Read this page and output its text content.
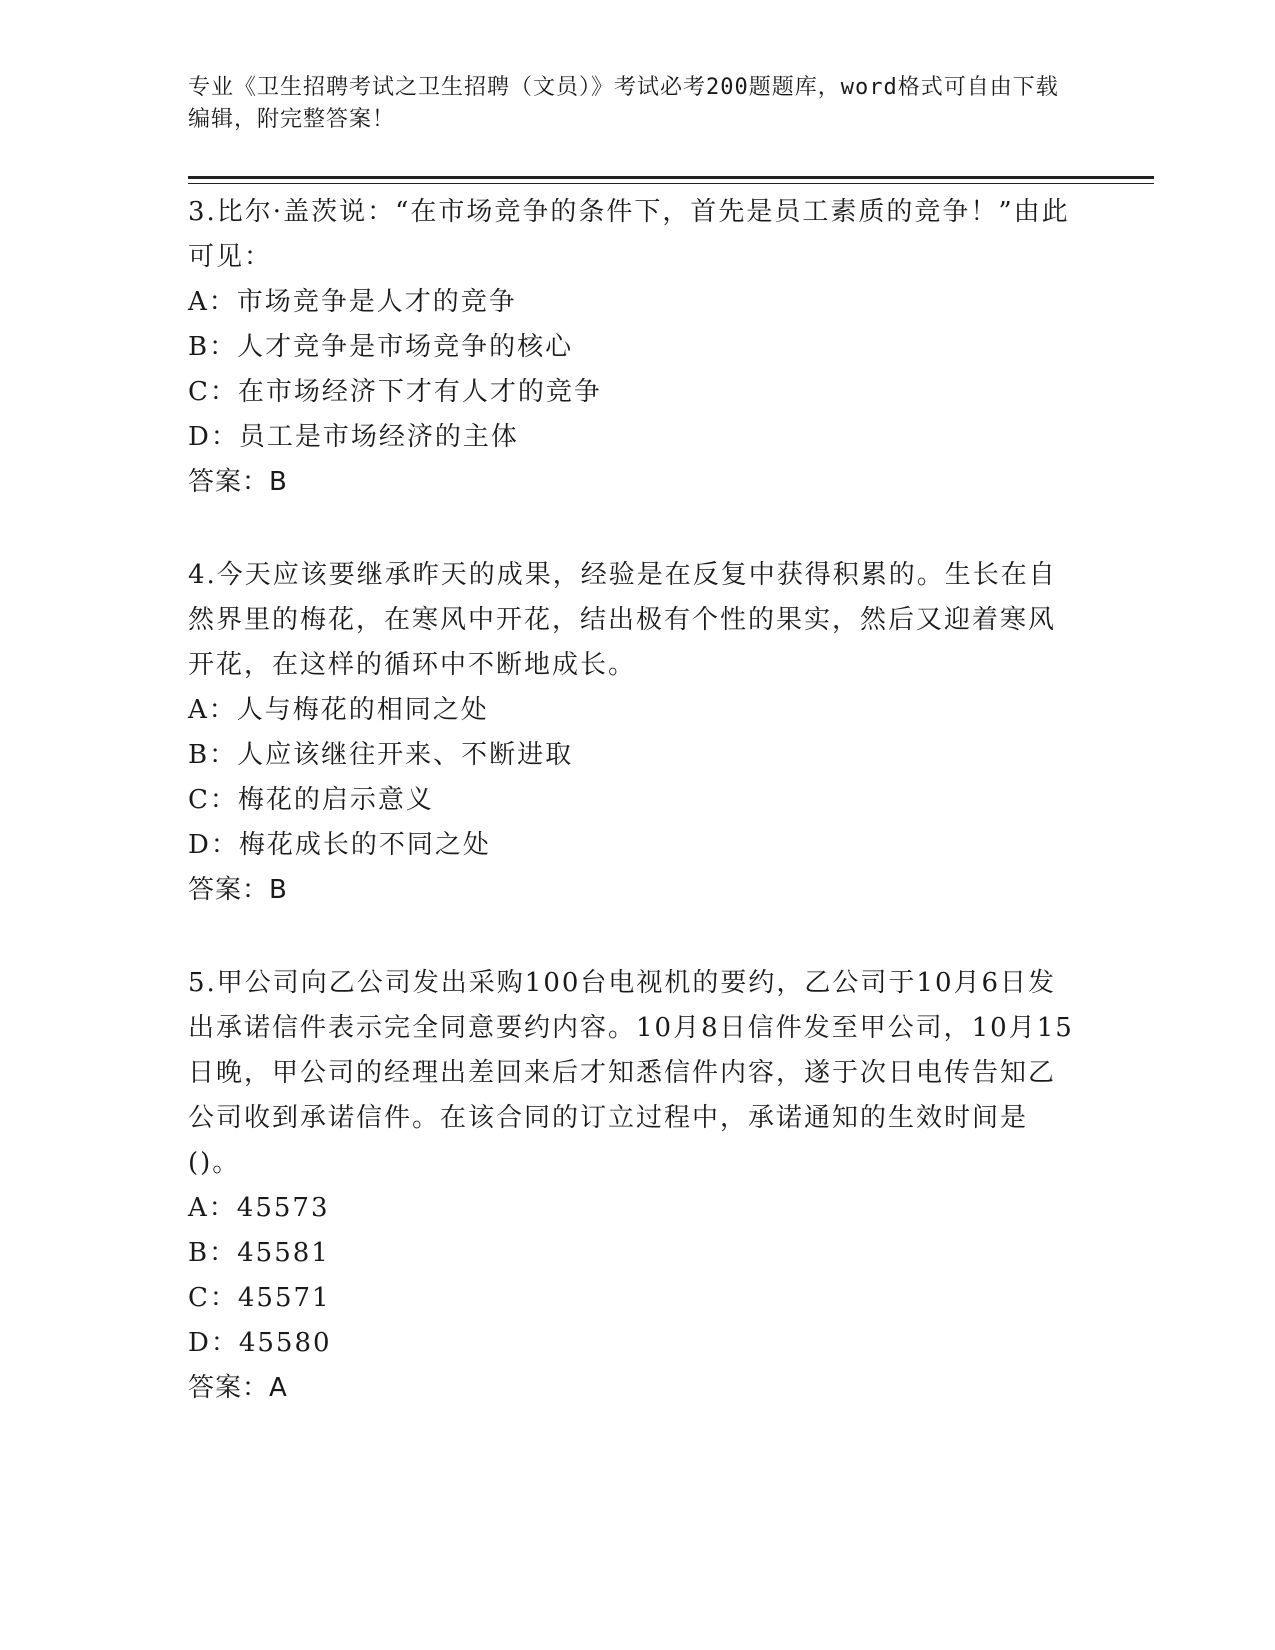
专业《卫生招聘考试之卫生招聘（文员）》考试必考200题题库，word格式可自由下载编辑，附完整答案！

3.比尔·盖茨说：“在市场竞争的条件下，首先是员工素质的竞争！”由此可见：

A：市场竞争是人才的竞争

B：人才竞争是市场竞争的核心

C：在市场经济下才有人才的竞争

D：员工是市场经济的主体

答案：B

4.今天应该要继承昨天的成果，经验是在反复中获得积累的。生长在自然界里的梅花，在寒风中开花，结出极有个性的果实，然后又迎着寒风开花，在这样的循环中不断地成长。

A：人与梅花的相同之处

B：人应该继往开来、不断进取

C：梅花的启示意义

D：梅花成长的不同之处

答案：B

5.甲公司向乙公司发出采购100台电视机的要约，乙公司于10月6日发出承诺信件表示完全同意要约内容。10月8日信件发至甲公司，10月15日晚，甲公司的经理出差回来后才知悉信件内容，遂于次日电传告知乙公司收到承诺信件。在该合同的订立过程中，承诺通知的生效时间是()。

A：45573

B：45581

C：45571

D：45580

答案：A
